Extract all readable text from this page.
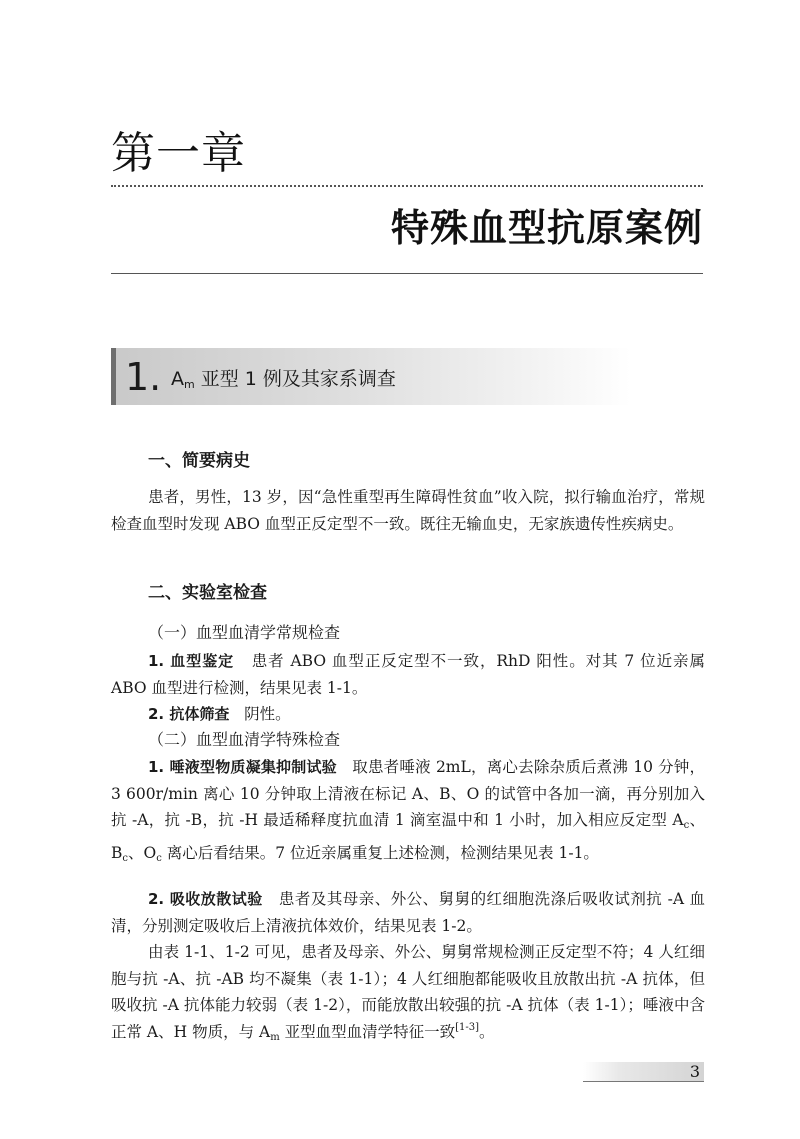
第一章
特殊血型抗原案例
1. $A_m$ 亚型 1 例及其家系调查
一、简要病史

患者，男性，13 岁，因“急性重型再生障碍性贫血”收入院，拟行输血治疗，常规检查血型时发现 ABO 血型正反定型不一致。既往无输血史，无家族遗传性疾病史。

二、实验室检查
（一）血型血清学常规检查

1. 血型鉴定 患者 ABO 血型正反定型不一致，RhD 阳性。对其 7 位近亲属 ABO 血型进行检测，结果见表 1-1。

2. 抗体筛查 阴性。

（二）血型血清学特殊检查

1. 唾液型物质凝集抑制试验 取患者唾液 2mL，离心去除杂质后煮沸 10 分钟，3 600r/min 离心 10 分钟取上清液在标记 A、B、O 的试管中各加一滴，再分别加入抗 -A，抗 -B，抗 -H 最适稀释度抗血清 1 滴室温中和 1 小时，加入相应反定型 $A_c$、$B_c$、$O_c$ 离心后看结果。7 位近亲属重复上述检测，检测结果见表 1-1。

2. 吸收放散试验 患者及其母亲、外公、舅舅的红细胞洗涤后吸收试剂抗 -A 血清，分别测定吸收后上清液抗体效价，结果见表 1-2。

由表 1-1、1-2 可见，患者及母亲、外公、舅舅常规检测正反定型不符；4 人红细胞与抗 -A、抗 -AB 均不凝集（表 1-1）；4 人红细胞都能吸收且放散出抗 -A 抗体，但吸收抗 -A 抗体能力较弱（表 1-2），而能放散出较强的抗 -A 抗体（表 1-1）；唾液中含正常 A、H 物质，与 $A_m$ 亚型血型血清学特征一致[1-3]。

3
